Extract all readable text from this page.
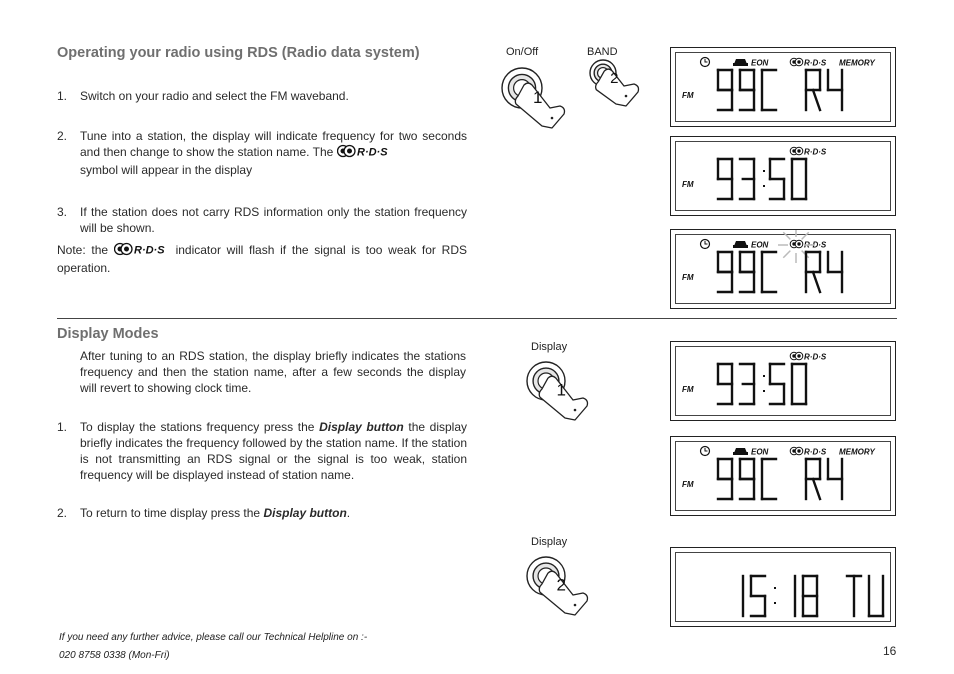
Operating your radio using RDS (Radio data system)
1. Switch on your radio and select the FM waveband.

2. Tune into a station, the display will indicate frequency for two seconds and then change to show the station name. The R·D·S

symbol will appear in the display

3. If the station does not carry RDS information only the station frequency will be shown.

Note: the R·D·S indicator will flash if the signal is too weak for RDS operation.

Display Modes

After tuning to an RDS station, the display briefly indicates the stations frequency and then the station name, after a few seconds the display will revert to showing clock time.

1. To display the stations frequency press the Display button the display briefly indicates the frequency followed by the station name. If the station is not transmitting an RDS signal or the signal is too weak, station frequency will be displayed instead of station name.

2. To return to time display press the Display button.

On/Off	BAND
Display
Display
1
2
1
2
EON	R·D·S MEMORY
FM
R·D·S
FM
EON	R·D·S
FM
R·D·S
FM
EON	R·D·S MEMORY
FM
If you need any further advice, please call our Technical Helpline on :-
020 8758 0338 (Mon-Fri)	16
